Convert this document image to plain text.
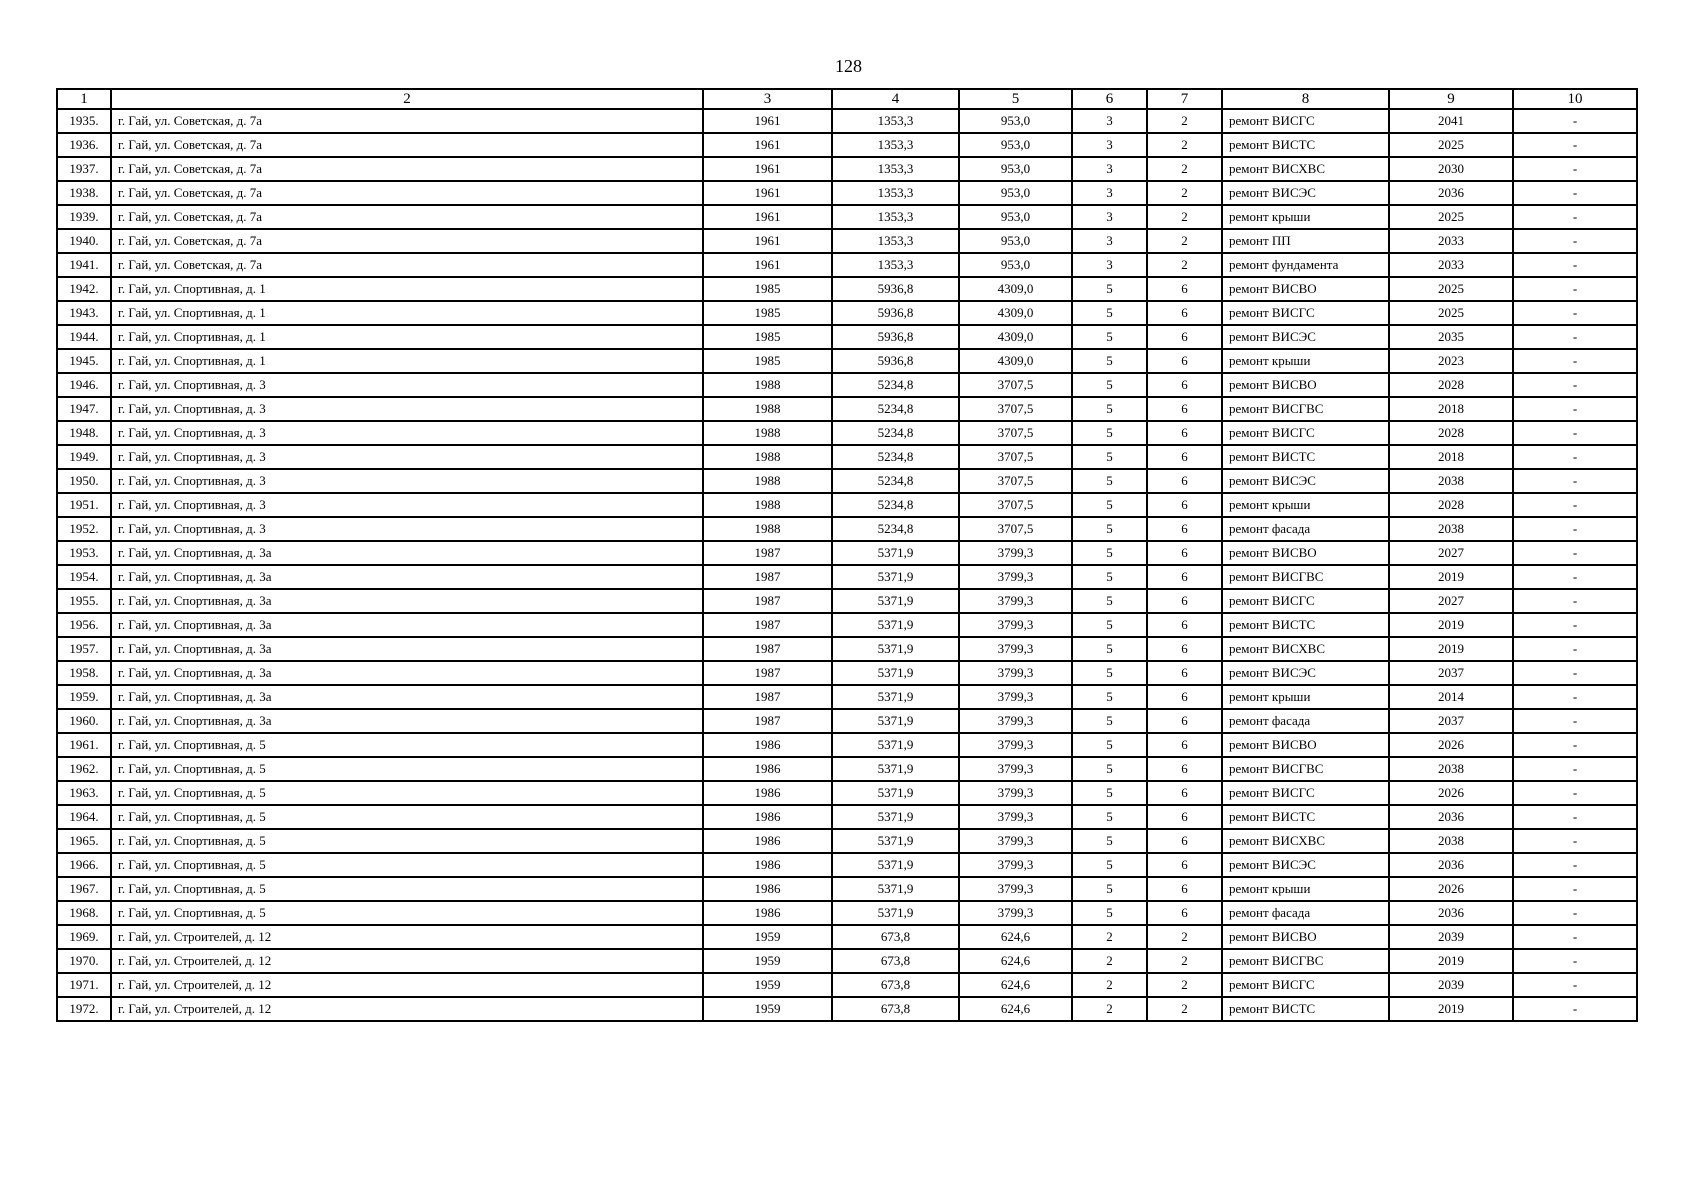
128
1	2	3	4	5	6	7	8	9	10
1935.	г. Гай, ул. Советская, д. 7а	1961	1353,3	953,0	3	2	ремонт ВИСГС	2041	-
1936.	г. Гай, ул. Советская, д. 7а	1961	1353,3	953,0	3	2	ремонт ВИСТС	2025	-
1937.	г. Гай, ул. Советская, д. 7а	1961	1353,3	953,0	3	2	ремонт ВИСХВС	2030	-
1938.	г. Гай, ул. Советская, д. 7а	1961	1353,3	953,0	3	2	ремонт ВИСЭС	2036	-
1939.	г. Гай, ул. Советская, д. 7а	1961	1353,3	953,0	3	2	ремонт крыши	2025	-
1940.	г. Гай, ул. Советская, д. 7а	1961	1353,3	953,0	3	2	ремонт ПП	2033	-
1941.	г. Гай, ул. Советская, д. 7а	1961	1353,3	953,0	3	2	ремонт фундамента	2033	-
1942.	г. Гай, ул. Спортивная, д. 1	1985	5936,8	4309,0	5	6	ремонт ВИСВО	2025	-
1943.	г. Гай, ул. Спортивная, д. 1	1985	5936,8	4309,0	5	6	ремонт ВИСГС	2025	-
1944.	г. Гай, ул. Спортивная, д. 1	1985	5936,8	4309,0	5	6	ремонт ВИСЭС	2035	-
1945.	г. Гай, ул. Спортивная, д. 1	1985	5936,8	4309,0	5	6	ремонт крыши	2023	-
1946.	г. Гай, ул. Спортивная, д. 3	1988	5234,8	3707,5	5	6	ремонт ВИСВО	2028	-
1947.	г. Гай, ул. Спортивная, д. 3	1988	5234,8	3707,5	5	6	ремонт ВИСГВС	2018	-
1948.	г. Гай, ул. Спортивная, д. 3	1988	5234,8	3707,5	5	6	ремонт ВИСГС	2028	-
1949.	г. Гай, ул. Спортивная, д. 3	1988	5234,8	3707,5	5	6	ремонт ВИСТС	2018	-
1950.	г. Гай, ул. Спортивная, д. 3	1988	5234,8	3707,5	5	6	ремонт ВИСЭС	2038	-
1951.	г. Гай, ул. Спортивная, д. 3	1988	5234,8	3707,5	5	6	ремонт крыши	2028	-
1952.	г. Гай, ул. Спортивная, д. 3	1988	5234,8	3707,5	5	6	ремонт фасада	2038	-
1953.	г. Гай, ул. Спортивная, д. 3а	1987	5371,9	3799,3	5	6	ремонт ВИСВО	2027	-
1954.	г. Гай, ул. Спортивная, д. 3а	1987	5371,9	3799,3	5	6	ремонт ВИСГВС	2019	-
1955.	г. Гай, ул. Спортивная, д. 3а	1987	5371,9	3799,3	5	6	ремонт ВИСГС	2027	-
1956.	г. Гай, ул. Спортивная, д. 3а	1987	5371,9	3799,3	5	6	ремонт ВИСТС	2019	-
1957.	г. Гай, ул. Спортивная, д. 3а	1987	5371,9	3799,3	5	6	ремонт ВИСХВС	2019	-
1958.	г. Гай, ул. Спортивная, д. 3а	1987	5371,9	3799,3	5	6	ремонт ВИСЭС	2037	-
1959.	г. Гай, ул. Спортивная, д. 3а	1987	5371,9	3799,3	5	6	ремонт крыши	2014	-
1960.	г. Гай, ул. Спортивная, д. 3а	1987	5371,9	3799,3	5	6	ремонт фасада	2037	-
1961.	г. Гай, ул. Спортивная, д. 5	1986	5371,9	3799,3	5	6	ремонт ВИСВО	2026	-
1962.	г. Гай, ул. Спортивная, д. 5	1986	5371,9	3799,3	5	6	ремонт ВИСГВС	2038	-
1963.	г. Гай, ул. Спортивная, д. 5	1986	5371,9	3799,3	5	6	ремонт ВИСГС	2026	-
1964.	г. Гай, ул. Спортивная, д. 5	1986	5371,9	3799,3	5	6	ремонт ВИСТС	2036	-
1965.	г. Гай, ул. Спортивная, д. 5	1986	5371,9	3799,3	5	6	ремонт ВИСХВС	2038	-
1966.	г. Гай, ул. Спортивная, д. 5	1986	5371,9	3799,3	5	6	ремонт ВИСЭС	2036	-
1967.	г. Гай, ул. Спортивная, д. 5	1986	5371,9	3799,3	5	6	ремонт крыши	2026	-
1968.	г. Гай, ул. Спортивная, д. 5	1986	5371,9	3799,3	5	6	ремонт фасада	2036	-
1969.	г. Гай, ул. Строителей, д. 12	1959	673,8	624,6	2	2	ремонт ВИСВО	2039	-
1970.	г. Гай, ул. Строителей, д. 12	1959	673,8	624,6	2	2	ремонт ВИСГВС	2019	-
1971.	г. Гай, ул. Строителей, д. 12	1959	673,8	624,6	2	2	ремонт ВИСГС	2039	-
1972.	г. Гай, ул. Строителей, д. 12	1959	673,8	624,6	2	2	ремонт ВИСТС	2019	-
